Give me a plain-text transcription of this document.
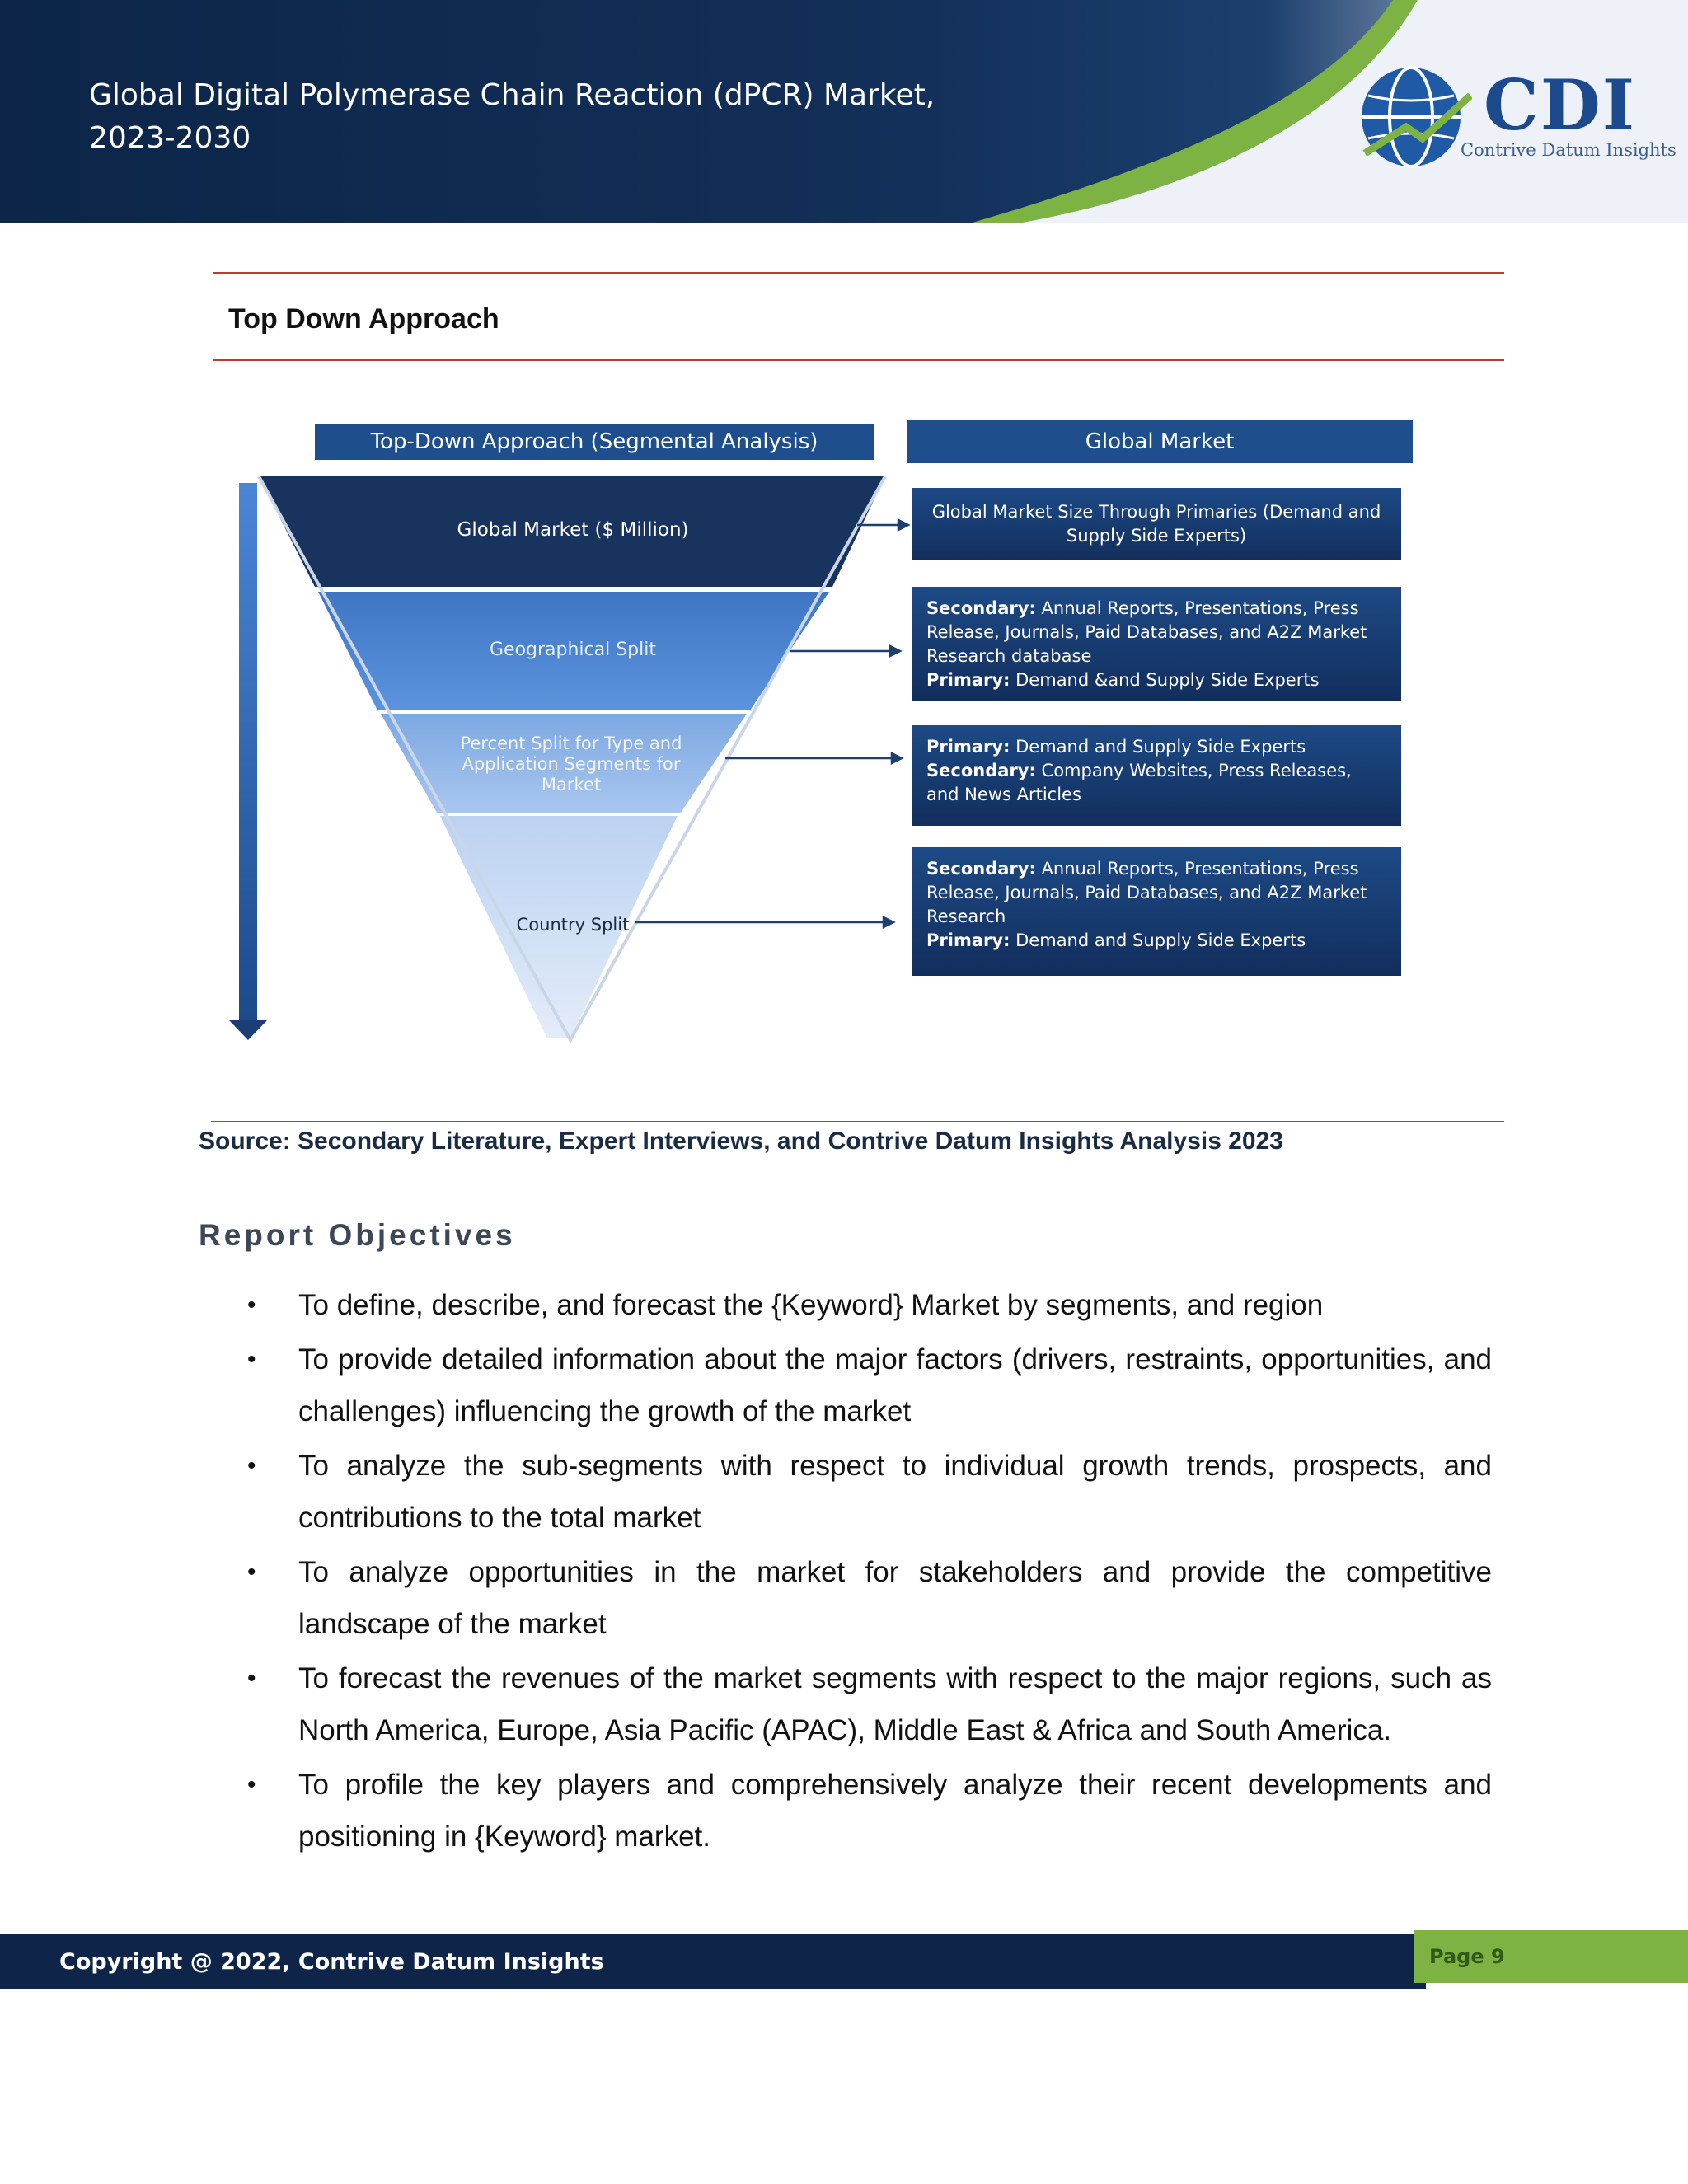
Global Digital Polymerase Chain Reaction (dPCR) Market, 2023-2030	CDI
Contrive Datum Insights
Top Down Approach
Top-Down Approach (Segmental Analysis)	Global Market
Global Market ($ Million)
Geographical Split
Percent Split for Type and Application Segments for Market
Country Split
Global Market Size Through Primaries (Demand and Supply Side Experts)
Secondary: Annual Reports, Presentations, Press Release, Journals, Paid Databases, and A2Z Market Research database
Primary: Demand &and Supply Side Experts
Primary: Demand and Supply Side Experts
Secondary: Company Websites, Press Releases, and News Articles
Secondary: Annual Reports, Presentations, Press Release, Journals, Paid Databases, and A2Z Market Research
Primary: Demand and Supply Side Experts
Source: Secondary Literature, Expert Interviews, and Contrive Datum Insights Analysis 2023
Report Objectives
• To define, describe, and forecast the {Keyword} Market by segments, and region
• To provide detailed information about the major factors (drivers, restraints, opportunities, and challenges) influencing the growth of the market
• To analyze the sub-segments with respect to individual growth trends, prospects, and contributions to the total market
• To analyze opportunities in the market for stakeholders and provide the competitive landscape of the market
• To forecast the revenues of the market segments with respect to the major regions, such as North America, Europe, Asia Pacific (APAC), Middle East & Africa and South America.
• To profile the key players and comprehensively analyze their recent developments and positioning in {Keyword} market.
Copyright @ 2022, Contrive Datum Insights	Page 9
